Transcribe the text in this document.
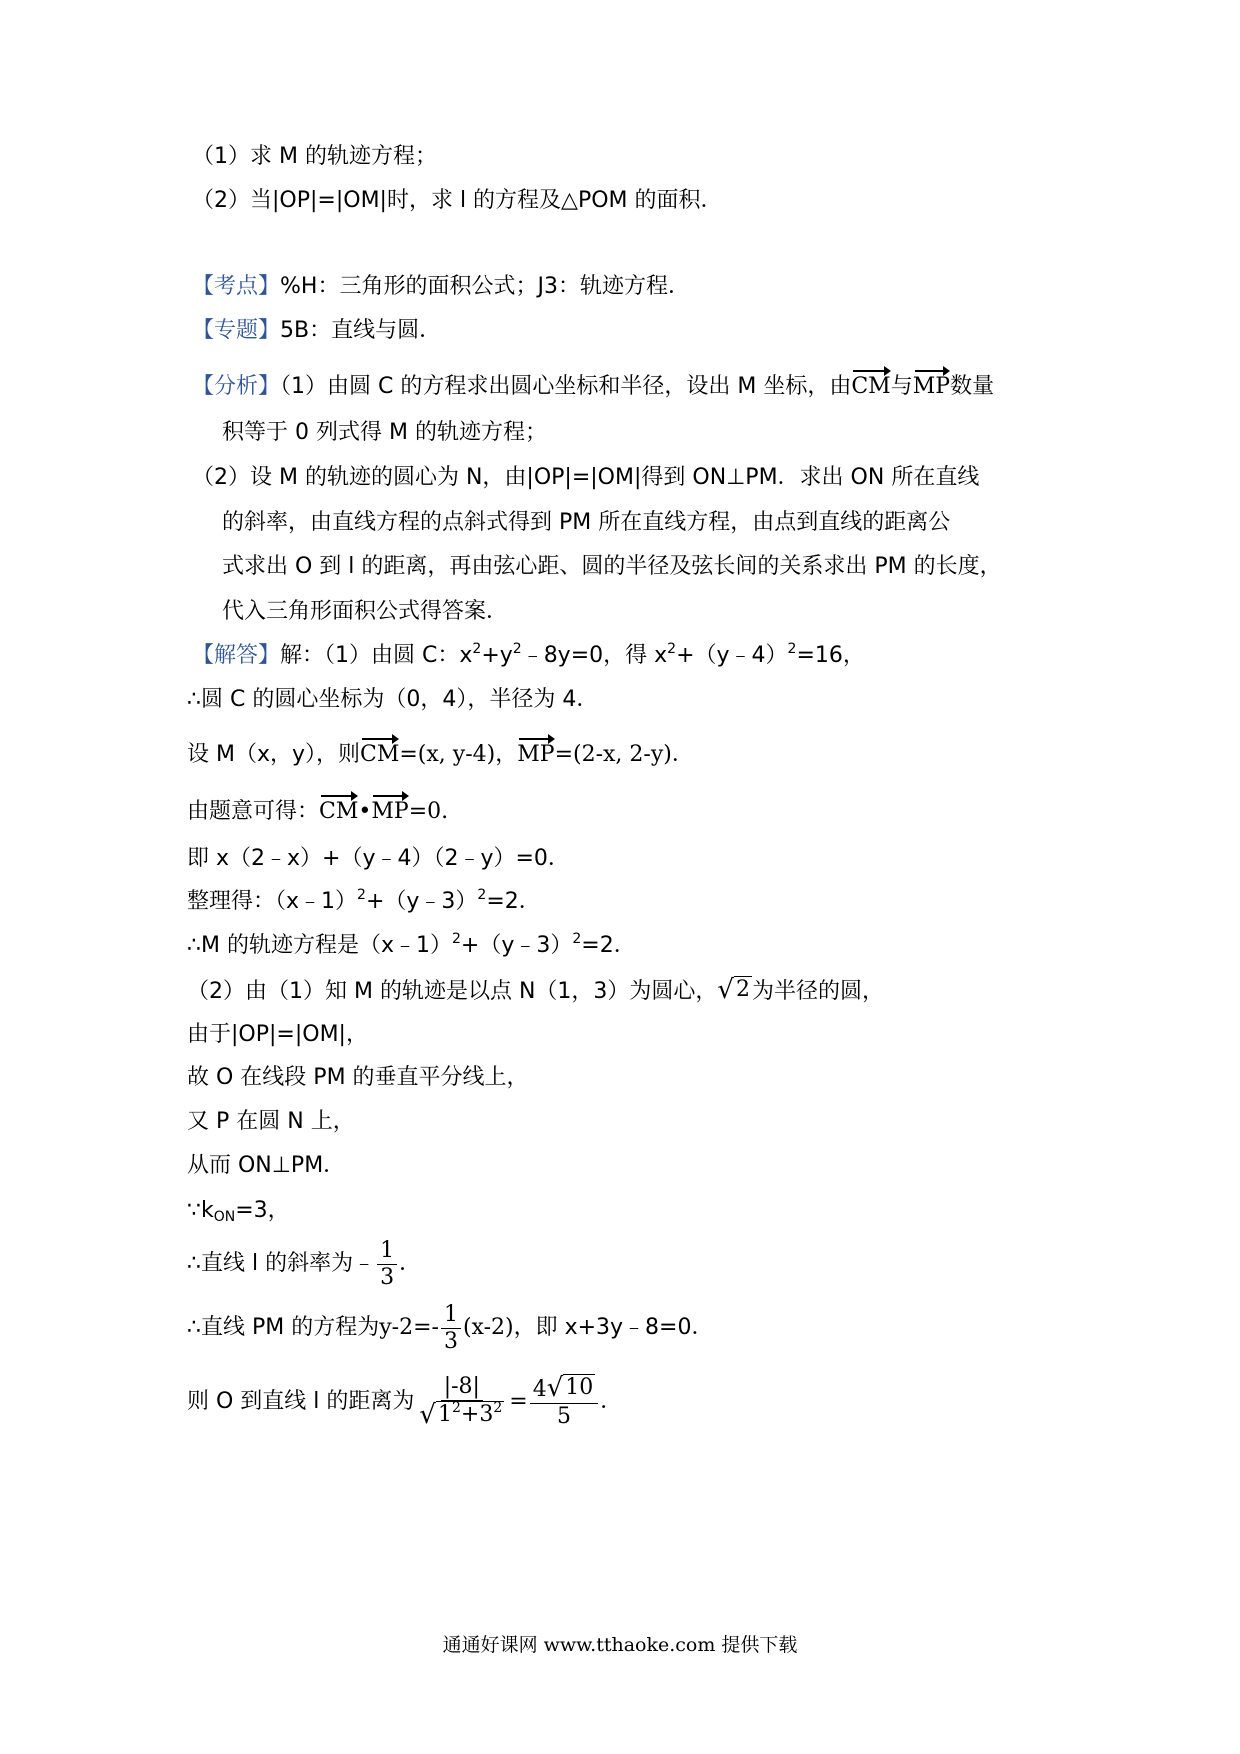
（1）求 M 的轨迹方程；
（2）当|OP|=|OM|时，求 l 的方程及△POM 的面积．
【考点】%H：三角形的面积公式；J3：轨迹方程．
【专题】5B：直线与圆．
【分析】（1）由圆 C 的方程求出圆心坐标和半径，设出 M 坐标，由CM与MP数量
积等于 0 列式得 M 的轨迹方程；
（2）设 M 的轨迹的圆心为 N，由|OP|=|OM|得到 ON⊥PM．求出 ON 所在直线
的斜率，由直线方程的点斜式得到 PM 所在直线方程，由点到直线的距离公
式求出 O 到 l 的距离，再由弦心距、圆的半径及弦长间的关系求出 PM 的长度，
代入三角形面积公式得答案．
【解答】解：（1）由圆 C：$x^2+y^2﹣8y=0$，得 $x^2+(y﹣4)^2=16$，
∴圆 C 的圆心坐标为（0，4），半径为 4．
设 M（x，y），则CM=(x, y-4)，MP=(2-x, 2-y)．
由题意可得：CM•MP=0.
即 x（2﹣x）+（y﹣4）（2﹣y）=0．
整理得：（x﹣1）$^2$+（y﹣3）$^2$=2．
∴M 的轨迹方程是（x﹣1）$^2$+（y﹣3）$^2$=2．
（2）由（1）知 M 的轨迹是以点 N（1，3）为圆心， √ 2 为半径的圆，
由于|OP|=|OM|，
故 O 在线段 PM 的垂直平分线上，
又 P 在圆 N 上，
从而 ON⊥PM．
$\because k_{ON}=3$，
∴直线 l 的斜率为﹣ $\frac{1}{3}$ ．
∴直线 PM 的方程为$y-2=- \frac{1}{3} (x-2)$，即 x+3y﹣8=0．
则 O 到直线 l 的距离为 $\frac{|-8|}{√ 1^2+3^2} = \frac{4 √ 10}{5}$ ．
通通好课网 www.tthaoke.com 提供下载
